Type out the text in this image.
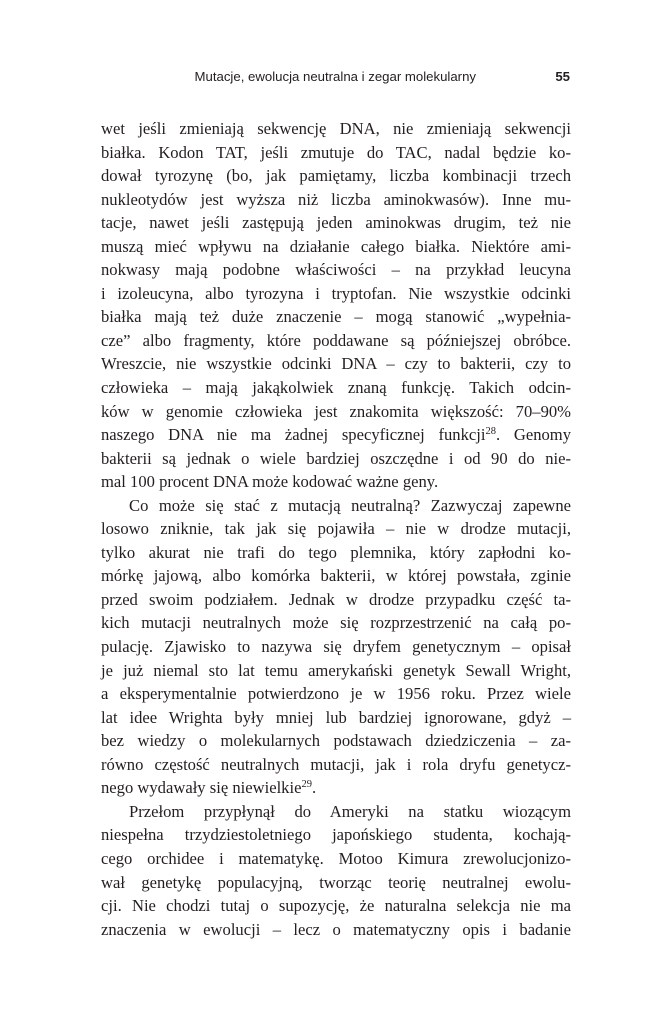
Mutacje, ewolucja neutralna i zegar molekularny	55
wet jeśli zmieniają sekwencję DNA, nie zmieniają sekwencji
białka. Kodon TAT, jeśli zmutuje do TAC, nadal będzie ko-
dował tyrozynę (bo, jak pamiętamy, liczba kombinacji trzech
nukleotydów jest wyższa niż liczba aminokwasów). Inne mu-
tacje, nawet jeśli zastępują jeden aminokwas drugim, też nie
muszą mieć wpływu na działanie całego białka. Niektóre ami-
nokwasy mają podobne właściwości – na przykład leucyna
i izoleucyna, albo tyrozyna i tryptofan. Nie wszystkie odcinki
białka mają też duże znaczenie – mogą stanowić „wypełnia-
cze” albo fragmenty, które poddawane są późniejszej obróbce.
Wreszcie, nie wszystkie odcinki DNA – czy to bakterii, czy to
człowieka – mają jakąkolwiek znaną funkcję. Takich odcin-
ków w genomie człowieka jest znakomita większość: 70–90%
naszego DNA nie ma żadnej specyficznej funkcji$^{28}$. Genomy
bakterii są jednak o wiele bardziej oszczędne i od 90 do nie-
mal 100 procent DNA może kodować ważne geny.
Co może się stać z mutacją neutralną? Zazwyczaj zapewne
losowo zniknie, tak jak się pojawiła – nie w drodze mutacji,
tylko akurat nie trafi do tego plemnika, który zapłodni ko-
mórkę jajową, albo komórka bakterii, w której powstała, zginie
przed swoim podziałem. Jednak w drodze przypadku część ta-
kich mutacji neutralnych może się rozprzestrzenić na całą po-
pulację. Zjawisko to nazywa się dryfem genetycznym – opisał
je już niemal sto lat temu amerykański genetyk Sewall Wright,
a eksperymentalnie potwierdzono je w 1956 roku. Przez wiele
lat idee Wrighta były mniej lub bardziej ignorowane, gdyż –
bez wiedzy o molekularnych podstawach dziedziczenia – za-
równo częstość neutralnych mutacji, jak i rola dryfu genetycz-
nego wydawały się niewielkie$^{29}$.
Przełom przypłynął do Ameryki na statku wiozącym
niespełna trzydziestoletniego japońskiego studenta, kochają-
cego orchidee i matematykę. Motoo Kimura zrewolucjonizo-
wał genetykę populacyjną, tworząc teorię neutralnej ewolu-
cji. Nie chodzi tutaj o supozycję, że naturalna selekcja nie ma
znaczenia w ewolucji – lecz o matematyczny opis i badanie
